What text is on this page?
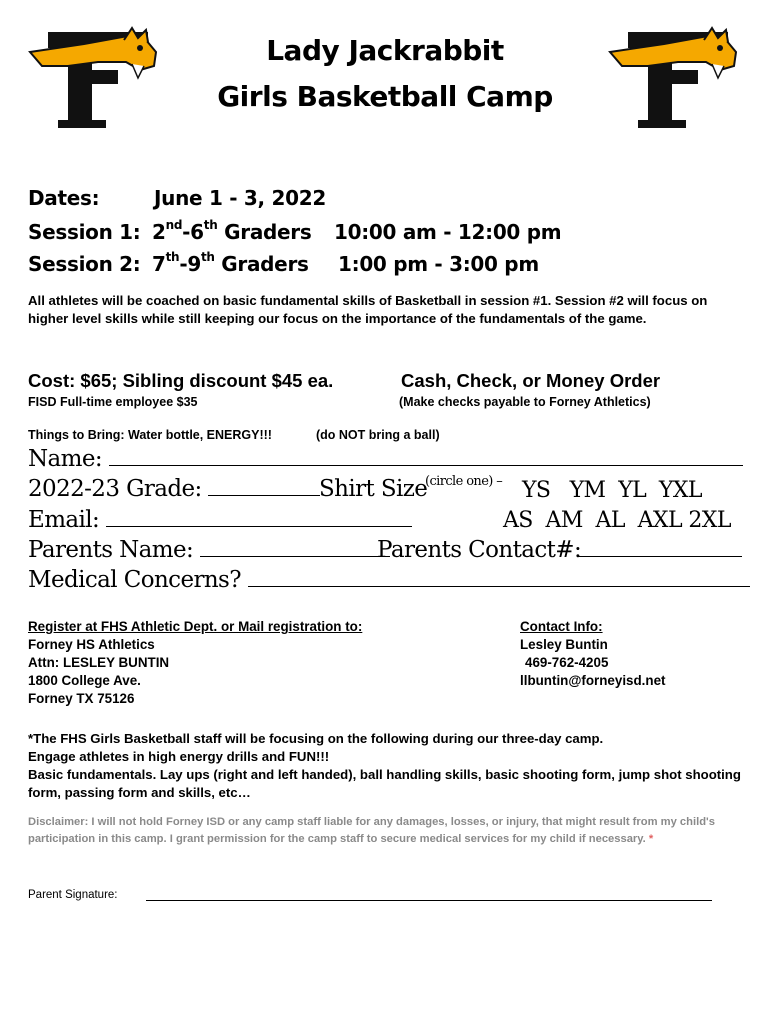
Lady Jackrabbit
Girls Basketball Camp
Dates:	June 1 - 3, 2022
Session 1: 2nd-6th Graders 10:00 am - 12:00 pm
Session 2: 7th-9th Graders 1:00 pm - 3:00 pm
All athletes will be coached on basic fundamental skills of Basketball in session #1. Session #2 will focus on higher level skills while still keeping our focus on the importance of the fundamentals of the game.
Cost: $65; Sibling discount $45 ea.
FISD Full-time employee $35
Cash, Check, or Money Order
(Make checks payable to Forney Athletics)
Things to Bring: Water bottle, ENERGY!!!	(do NOT bring a ball)
Name:
2022-23 Grade:	Shirt Size
(circle one) – YS   YM  YL  YXL
Email:	AS  AM  AL  AXL 2XL
Parents Name:	Parents Contact#:
Medical Concerns?
Register at FHS Athletic Dept. or Mail registration to:
Forney HS Athletics
Attn: LESLEY BUNTIN
1800 College Ave.
Forney TX 75126
Contact Info:
Lesley Buntin
469-762-4205
llbuntin@forneyisd.net
*The FHS Girls Basketball staff will be focusing on the following during our three-day camp.
Engage athletes in high energy drills and FUN!!!
Basic fundamentals. Lay ups (right and left handed), ball handling skills, basic shooting form, jump shot shooting form, passing form and skills, etc…
Disclaimer: I will not hold Forney ISD or any camp staff liable for any damages, losses, or injury, that might result from my child's participation in this camp. I grant permission for the camp staff to secure medical services for my child if necessary. *
Parent Signature:
